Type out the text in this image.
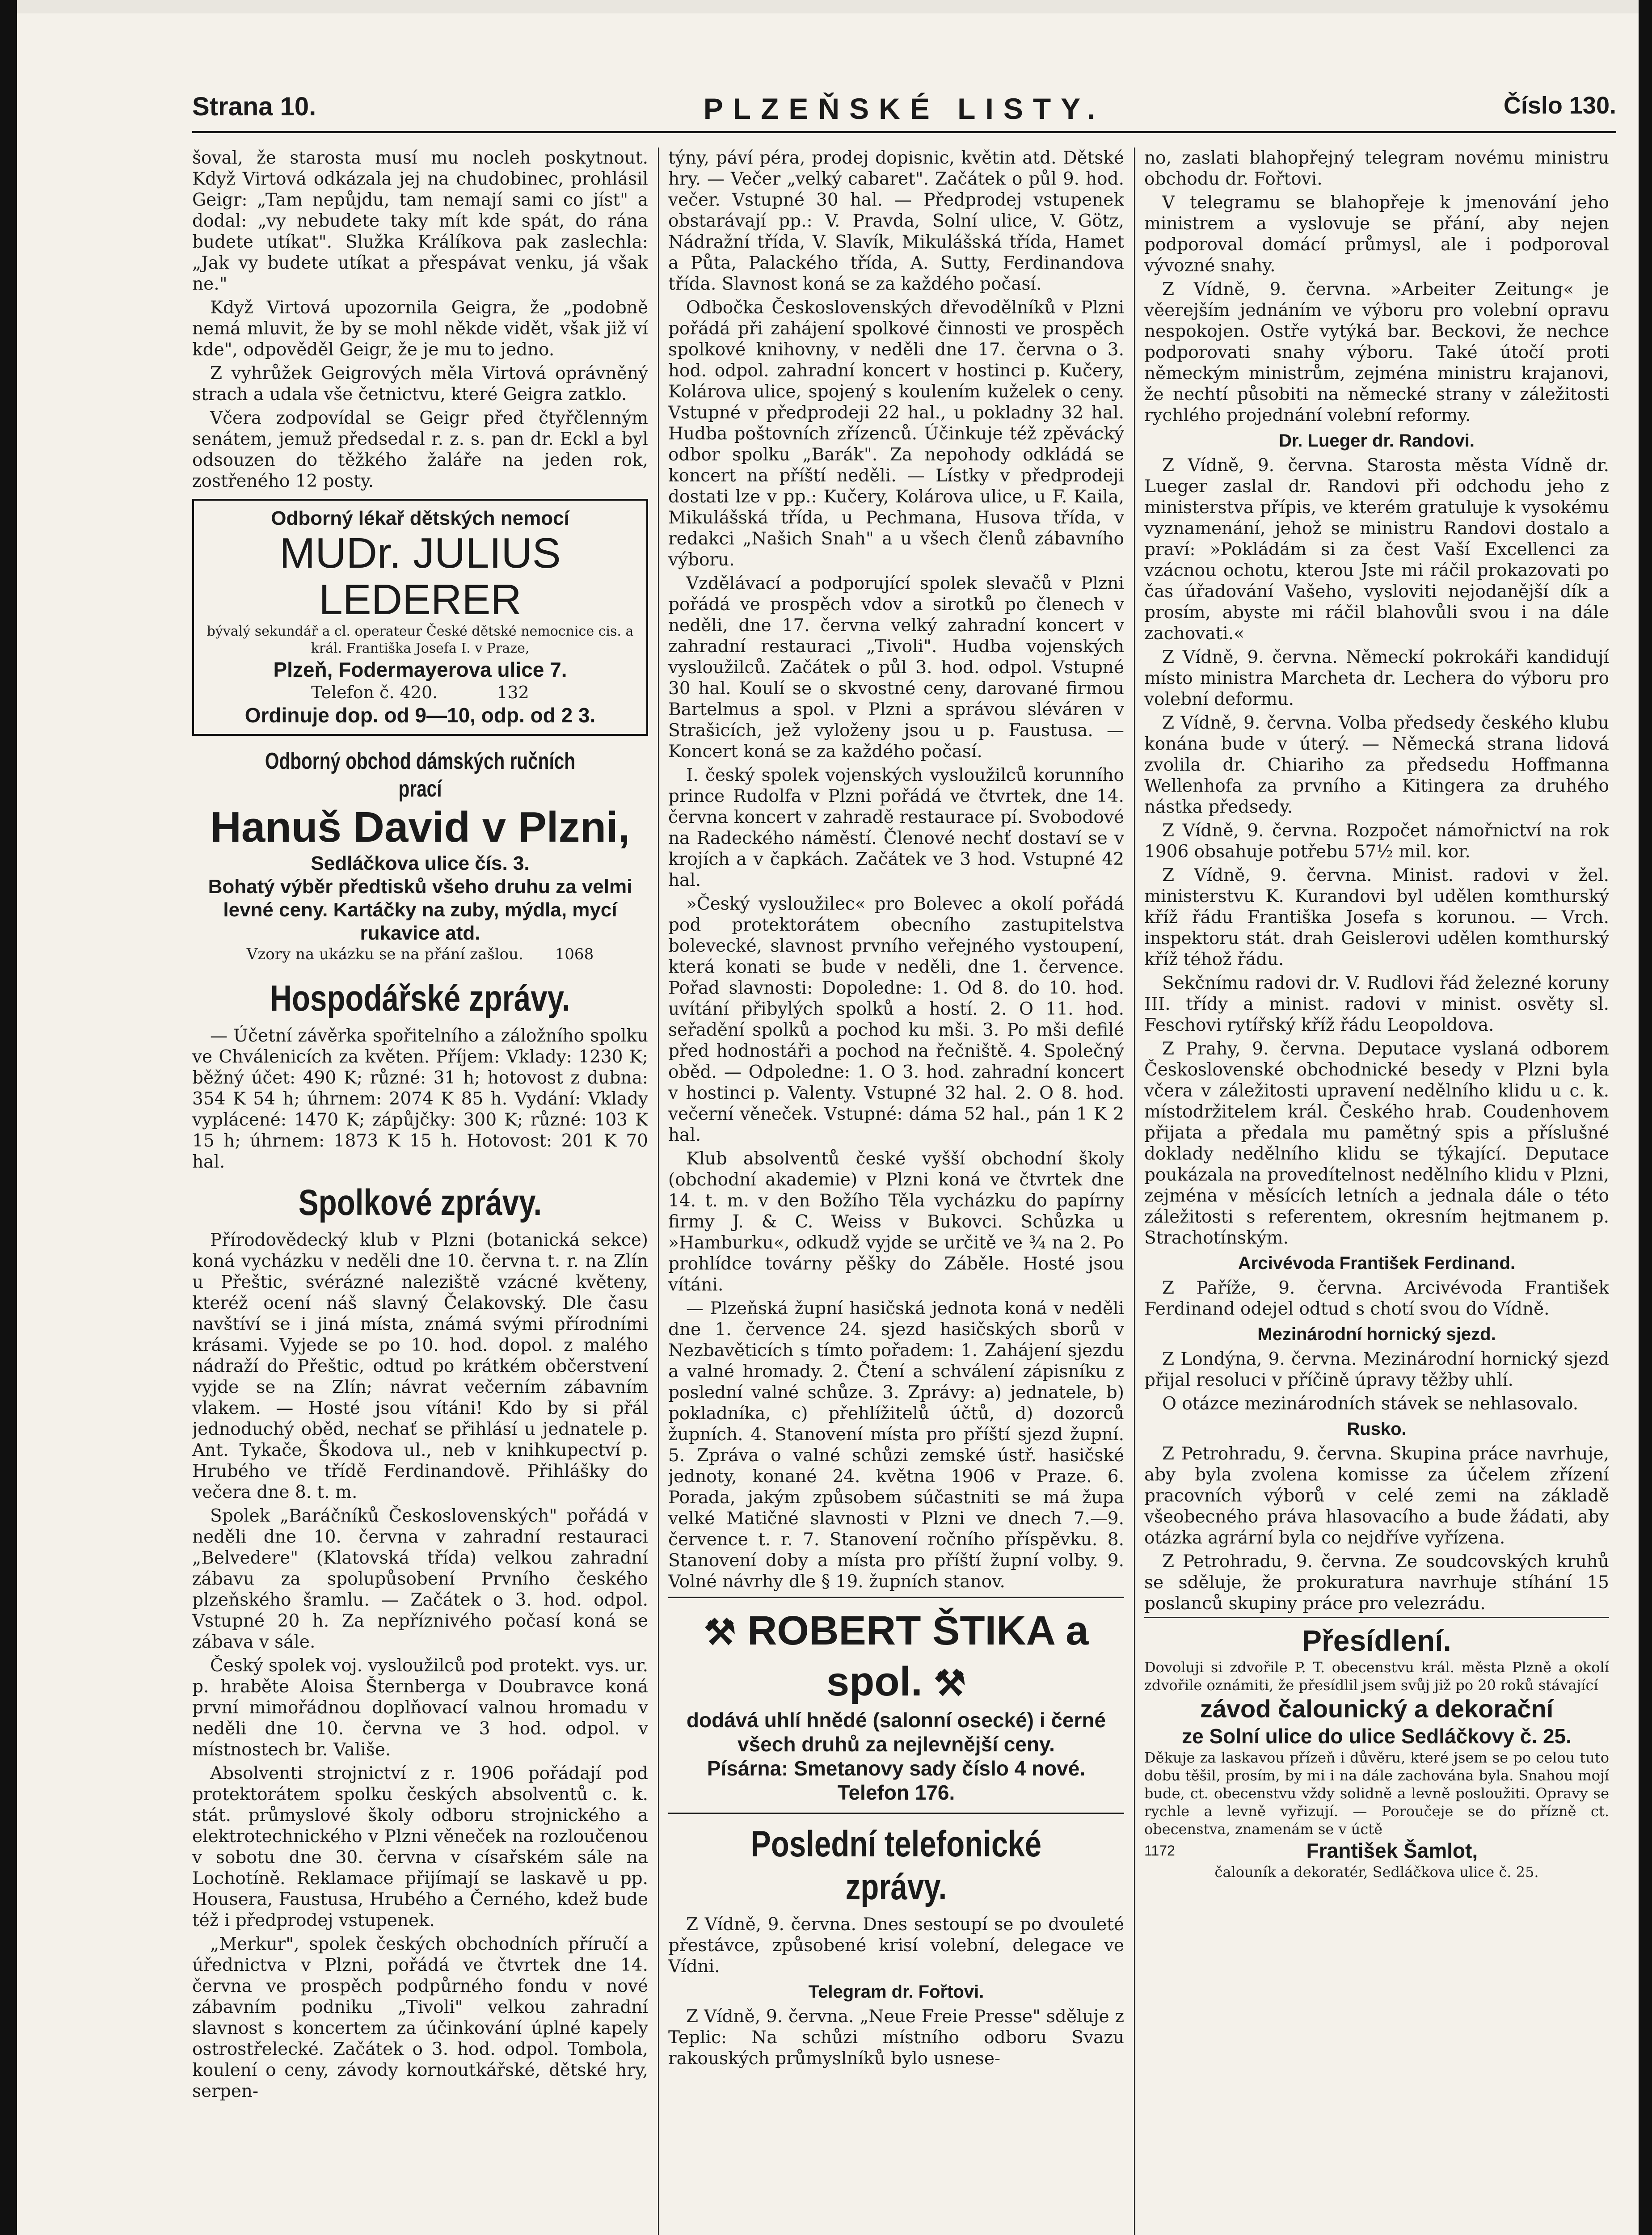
Strana 10.	PLZEŇSKÉ LISTY.	Číslo 130.

šoval, že starosta musí mu nocleh poskytnout. Když Virtová odkázala jej na chudobinec, prohlásil Geigr: „Tam nepůjdu, tam nemají sami co jíst" a dodal: „vy nebudete taky mít kde spát, do rána budete utíkat". Služka Králíkova pak zaslechla: „Jak vy budete utíkat a přespávat venku, já však ne."

Když Virtová upozornila Geigra, že „podobně nemá mluvit, že by se mohl někde vidět, však již ví kde", odpověděl Geigr, že je mu to jedno.

Z vyhrůžek Geigrových měla Virtová oprávněný strach a udala vše četnictvu, které Geigra zatklo.

Včera zodpovídal se Geigr před čtyřčlenným senátem, jemuž předsedal r. z. s. pan dr. Eckl a byl odsouzen do těžkého žaláře na jeden rok, zostřeného 12 posty.

Odborný lékař dětských nemocí
MUDr. JULIUS LEDERER
bývalý sekundář a cl. operateur České dětské nemocnice cis. a král. Františka Josefa I. v Praze,
Plzeň, Fodermayerova ulice 7.
Telefon č. 420.	132
Ordinuje dop. od 9—10, odp. od 2 3.
Odborný obchod dámských ručních prací
Hanuš David v Plzni,
Sedláčkova ulice čís. 3.
Bohatý výběr předtisků všeho druhu za velmi levné ceny. Kartáčky na zuby, mýdla, mycí rukavice atd.
Vzory na ukázku se na přání zašlou. 1068
Hospodářské zprávy.

— Účetní závěrka spořitelního a záložního spolku ve Chválenicích za květen. Příjem: Vklady: 1230 K; běžný účet: 490 K; různé: 31 h; hotovost z dubna: 354 K 54 h; úhrnem: 2074 K 85 h. Vydání: Vklady vyplácené: 1470 K; zápůjčky: 300 K; různé: 103 K 15 h; úhrnem: 1873 K 15 h. Hotovost: 201 K 70 hal.

Spolkové zprávy.

Přírodovědecký klub v Plzni (botanická sekce) koná vycházku v neděli dne 10. června t. r. na Zlín u Přeštic, svérázné naleziště vzácné květeny, kteréž ocení náš slavný Čelakovský. Dle času navštíví se i jiná místa, známá svými přírodními krásami. Vyjede se po 10. hod. dopol. z malého nádraží do Přeštic, odtud po krátkém občerstvení vyjde se na Zlín; návrat večerním zábavním vlakem. — Hosté jsou vítáni! Kdo by si přál jednoduchý oběd, nechať se přihlásí u jednatele p. Ant. Tykače, Škodova ul., neb v knihkupectví p. Hrubého ve třídě Ferdinandově. Přihlášky do večera dne 8. t. m.

Spolek „Baráčníků Československých" pořádá v neděli dne 10. června v zahradní restauraci „Belvedere" (Klatovská třída) velkou zahradní zábavu za spolupůsobení Prvního českého plzeňského šramlu. — Začátek o 3. hod. odpol. Vstupné 20 h. Za nepříznivého počasí koná se zábava v sále.

Český spolek voj. vysloužilců pod protekt. vys. ur. p. hraběte Aloisa Šternberga v Doubravce koná první mimořádnou doplňovací valnou hromadu v neděli dne 10. června ve 3 hod. odpol. v místnostech br. Vališe.

Absolventi strojnictví z r. 1906 pořádají pod protektorátem spolku českých absolventů c. k. stát. průmyslové školy odboru strojnického a elektrotechnického v Plzni věneček na rozloučenou v sobotu dne 30. června v císařském sále na Lochotíně. Reklamace přijímají se laskavě u pp. Housera, Faustusa, Hrubého a Černého, kdež bude též i předprodej vstupenek.

„Merkur", spolek českých obchodních příručí a úřednictva v Plzni, pořádá ve čtvrtek dne 14. června ve prospěch podpůrného fondu v nové zábavním podniku „Tivoli" velkou zahradní slavnost s koncertem za účinkování úplné kapely ostrostřelecké. Začátek o 3. hod. odpol. Tombola, koulení o ceny, závody kornoutkářské, dětské hry, serpen-

týny, páví péra, prodej dopisnic, květin atd. Dětské hry. — Večer „velký cabaret". Začátek o půl 9. hod. večer. Vstupné 30 hal. — Předprodej vstupenek obstarávají pp.: V. Pravda, Solní ulice, V. Götz, Nádražní třída, V. Slavík, Mikulášská třída, Hamet a Půta, Palackého třída, A. Sutty, Ferdinandova třída. Slavnost koná se za každého počasí.

Odbočka Československých dřevodělníků v Plzni pořádá při zahájení spolkové činnosti ve prospěch spolkové knihovny, v neděli dne 17. června o 3. hod. odpol. zahradní koncert v hostinci p. Kučery, Kolárova ulice, spojený s koulením kuželek o ceny. Vstupné v předprodeji 22 hal., u pokladny 32 hal. Hudba poštovních zřízenců. Účinkuje též zpěvácký odbor spolku „Barák". Za nepohody odkládá se koncert na příští neděli. — Lístky v předprodeji dostati lze v pp.: Kučery, Kolárova ulice, u F. Kaila, Mikulášská třída, u Pechmana, Husova třída, v redakci „Našich Snah" a u všech členů zábavního výboru.

Vzdělávací a podporující spolek slevačů v Plzni pořádá ve prospěch vdov a sirotků po členech v neděli, dne 17. června velký zahradní koncert v zahradní restauraci „Tivoli". Hudba vojenských vysloužilců. Začátek o půl 3. hod. odpol. Vstupné 30 hal. Koulí se o skvostné ceny, darované firmou Bartelmus a spol. v Plzni a správou sléváren v Strašicích, jež vyloženy jsou u p. Faustusa. — Koncert koná se za každého počasí.

I. český spolek vojenských vysloužilců korunního prince Rudolfa v Plzni pořádá ve čtvrtek, dne 14. června koncert v zahradě restaurace pí. Svobodové na Radeckého náměstí. Členové nechť dostaví se v krojích a v čapkách. Začátek ve 3 hod. Vstupné 42 hal.

»Český vysloužilec« pro Bolevec a okolí pořádá pod protektorátem obecního zastupitelstva bolevecké, slavnost prvního veřejného vystoupení, která konati se bude v neděli, dne 1. července. Pořad slavnosti: Dopoledne: 1. Od 8. do 10. hod. uvítání přibylých spolků a hostí. 2. O 11. hod. seřadění spolků a pochod ku mši. 3. Po mši defilé před hodnostáři a pochod na řečniště. 4. Společný oběd. — Odpoledne: 1. O 3. hod. zahradní koncert v hostinci p. Valenty. Vstupné 32 hal. 2. O 8. hod. večerní věneček. Vstupné: dáma 52 hal., pán 1 K 2 hal.

Klub absolventů české vyšší obchodní školy (obchodní akademie) v Plzni koná ve čtvrtek dne 14. t. m. v den Božího Těla vycházku do papírny firmy J. & C. Weiss v Bukovci. Schůzka u »Hamburku«, odkudž vyjde se určitě ve ¾ na 2. Po prohlídce továrny pěšky do Záběle. Hosté jsou vítáni.

— Plzeňská župní hasičská jednota koná v neděli dne 1. července 24. sjezd hasičských sborů v Nezbavěticích s tímto pořadem: 1. Zahájení sjezdu a valné hromady. 2. Čtení a schválení zápisníku z poslední valné schůze. 3. Zprávy: a) jednatele, b) pokladníka, c) přehlížitelů účtů, d) dozorců župních. 4. Stanovení místa pro příští sjezd župní. 5. Zpráva o valné schůzi zemské ústř. hasičské jednoty, konané 24. května 1906 v Praze. 6. Porada, jakým způsobem súčastniti se má župa velké Matičné slavnosti v Plzni ve dnech 7.—9. července t. r. 7. Stanovení ročního příspěvku. 8. Stanovení doby a místa pro příští župní volby. 9. Volné návrhy dle § 19. župních stanov.

⚒ ROBERT ŠTIKA a spol. ⚒
dodává uhlí hnědé (salonní osecké) i černé všech druhů za nejlevnější ceny.
Písárna: Smetanovy sady číslo 4 nové.
Telefon 176.
Poslední telefonické zprávy.

Z Vídně, 9. června. Dnes sestoupí se po dvouleté přestávce, způsobené krisí volební, delegace ve Vídni.

Telegram dr. Fořtovi.

Z Vídně, 9. června. „Neue Freie Presse" sděluje z Teplic: Na schůzi místního odboru Svazu rakouských průmyslníků bylo usnese-

no, zaslati blahopřejný telegram novému ministru obchodu dr. Fořtovi.

V telegramu se blahopřeje k jmenování jeho ministrem a vyslovuje se přání, aby nejen podporoval domácí průmysl, ale i podporoval vývozné snahy.

Z Vídně, 9. června. »Arbeiter Zeitung« je věerejším jednáním ve výboru pro volební opravu nespokojen. Ostře vytýká bar. Beckovi, že nechce podporovati snahy výboru. Také útočí proti německým ministrům, zejména ministru krajanovi, že nechtí působiti na německé strany v záležitosti rychlého projednání volební reformy.

Dr. Lueger dr. Randovi.

Z Vídně, 9. června. Starosta města Vídně dr. Lueger zaslal dr. Randovi při odchodu jeho z ministerstva přípis, ve kterém gratuluje k vysokému vyznamenání, jehož se ministru Randovi dostalo a praví: »Pokládám si za čest Vaší Excellenci za vzácnou ochotu, kterou Jste mi ráčil prokazovati po čas úřadování Vašeho, vysloviti nejodanější dík a prosím, abyste mi ráčil blahovůli svou i na dále zachovati.«

Z Vídně, 9. června. Německí pokrokáři kandidují místo ministra Marcheta dr. Lechera do výboru pro volební deformu.

Z Vídně, 9. června. Volba předsedy českého klubu konána bude v úterý. — Německá strana lidová zvolila dr. Chiariho za předsedu Hoffmanna Wellenhofa za prvního a Kitingera za druhého nástka předsedy.

Z Vídně, 9. června. Rozpočet námořnictví na rok 1906 obsahuje potřebu 57½ mil. kor.

Z Vídně, 9. června. Minist. radovi v žel. ministerstvu K. Kurandovi byl udělen komthurský kříž řádu Františka Josefa s korunou. — Vrch. inspektoru stát. drah Geislerovi udělen komthurský kříž téhož řádu.

Sekčnímu radovi dr. V. Rudlovi řád železné koruny III. třídy a minist. radovi v minist. osvěty sl. Feschovi rytířský kříž řádu Leopoldova.

Z Prahy, 9. června. Deputace vyslaná odborem Československé obchodnické besedy v Plzni byla včera v záležitosti upravení nedělního klidu u c. k. místodržitelem král. Českého hrab. Coudenhovem přijata a předala mu pamětný spis a příslušné doklady nedělního klidu se týkající. Deputace poukázala na provedítelnost nedělního klidu v Plzni, zejména v měsících letních a jednala dále o této záležitosti s referentem, okresním hejtmanem p. Strachotínským.

Arcivévoda František Ferdinand.

Z Paříže, 9. června. Arcivévoda František Ferdinand odejel odtud s chotí svou do Vídně.

Mezinárodní hornický sjezd.

Z Londýna, 9. června. Mezinárodní hornický sjezd přijal resoluci v příčině úpravy těžby uhlí.

O otázce mezinárodních stávek se nehlasovalo.

Rusko.

Z Petrohradu, 9. června. Skupina práce navrhuje, aby byla zvolena komisse za účelem zřízení pracovních výborů v celé zemi na základě všeobecného práva hlasovacího a bude žádati, aby otázka agrární byla co nejdříve vyřízena.

Z Petrohradu, 9. června. Ze soudcovských kruhů se sděluje, že prokuratura navrhuje stíhání 15 poslanců skupiny práce pro velezrádu.

Přesídlení.
Dovoluji si zdvořile P. T. obecenstvu král. města Plzně a okolí zdvořile oznámiti, že přesídlil jsem svůj již po 20 roků stávající
závod čalounický a dekorační
ze Solní ulice do ulice Sedláčkovy č. 25.
Děkuje za laskavou přízeň i důvěru, které jsem se po celou tuto dobu těšil, prosím, by mi i na dále zachována byla. Snahou mojí bude, ct. obecenstvu vždy solidně a levně posloužiti. Opravy se rychle a levně vyřizují. — Poroučeje se do přízně ct. obecenstva, znamenám se v úctě
1172	František Šamlot,
čalouník a dekoratér, Sedláčkova ulice č. 25.
